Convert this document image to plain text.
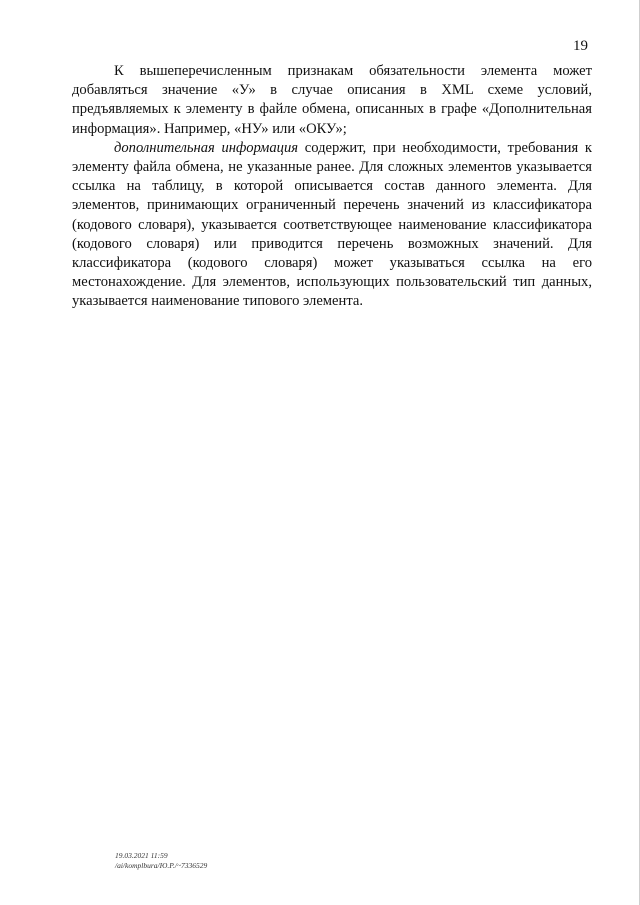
19

К вышеперечисленным признакам обязательности элемента может добавляться значение «У» в случае описания в XML схеме условий, предъявляемых к элементу в файле обмена, описанных в графе «Дополнительная информация». Например, «НУ» или «ОКУ»;

дополнительная информация содержит, при необходимости, требования к элементу файла обмена, не указанные ранее. Для сложных элементов указывается ссылка на таблицу, в которой описывается состав данного элемента. Для элементов, принимающих ограниченный перечень значений из классификатора (кодового словаря), указывается соответствующее наименование классификатора (кодового словаря) или приводится перечень возможных значений. Для классификатора (кодового словаря) может указываться ссылка на его местонахождение. Для элементов, использующих пользовательский тип данных, указывается наименование типового элемента.

19.03.2021 11:59
/ai/komplbura/Ю.Р./~7336529
